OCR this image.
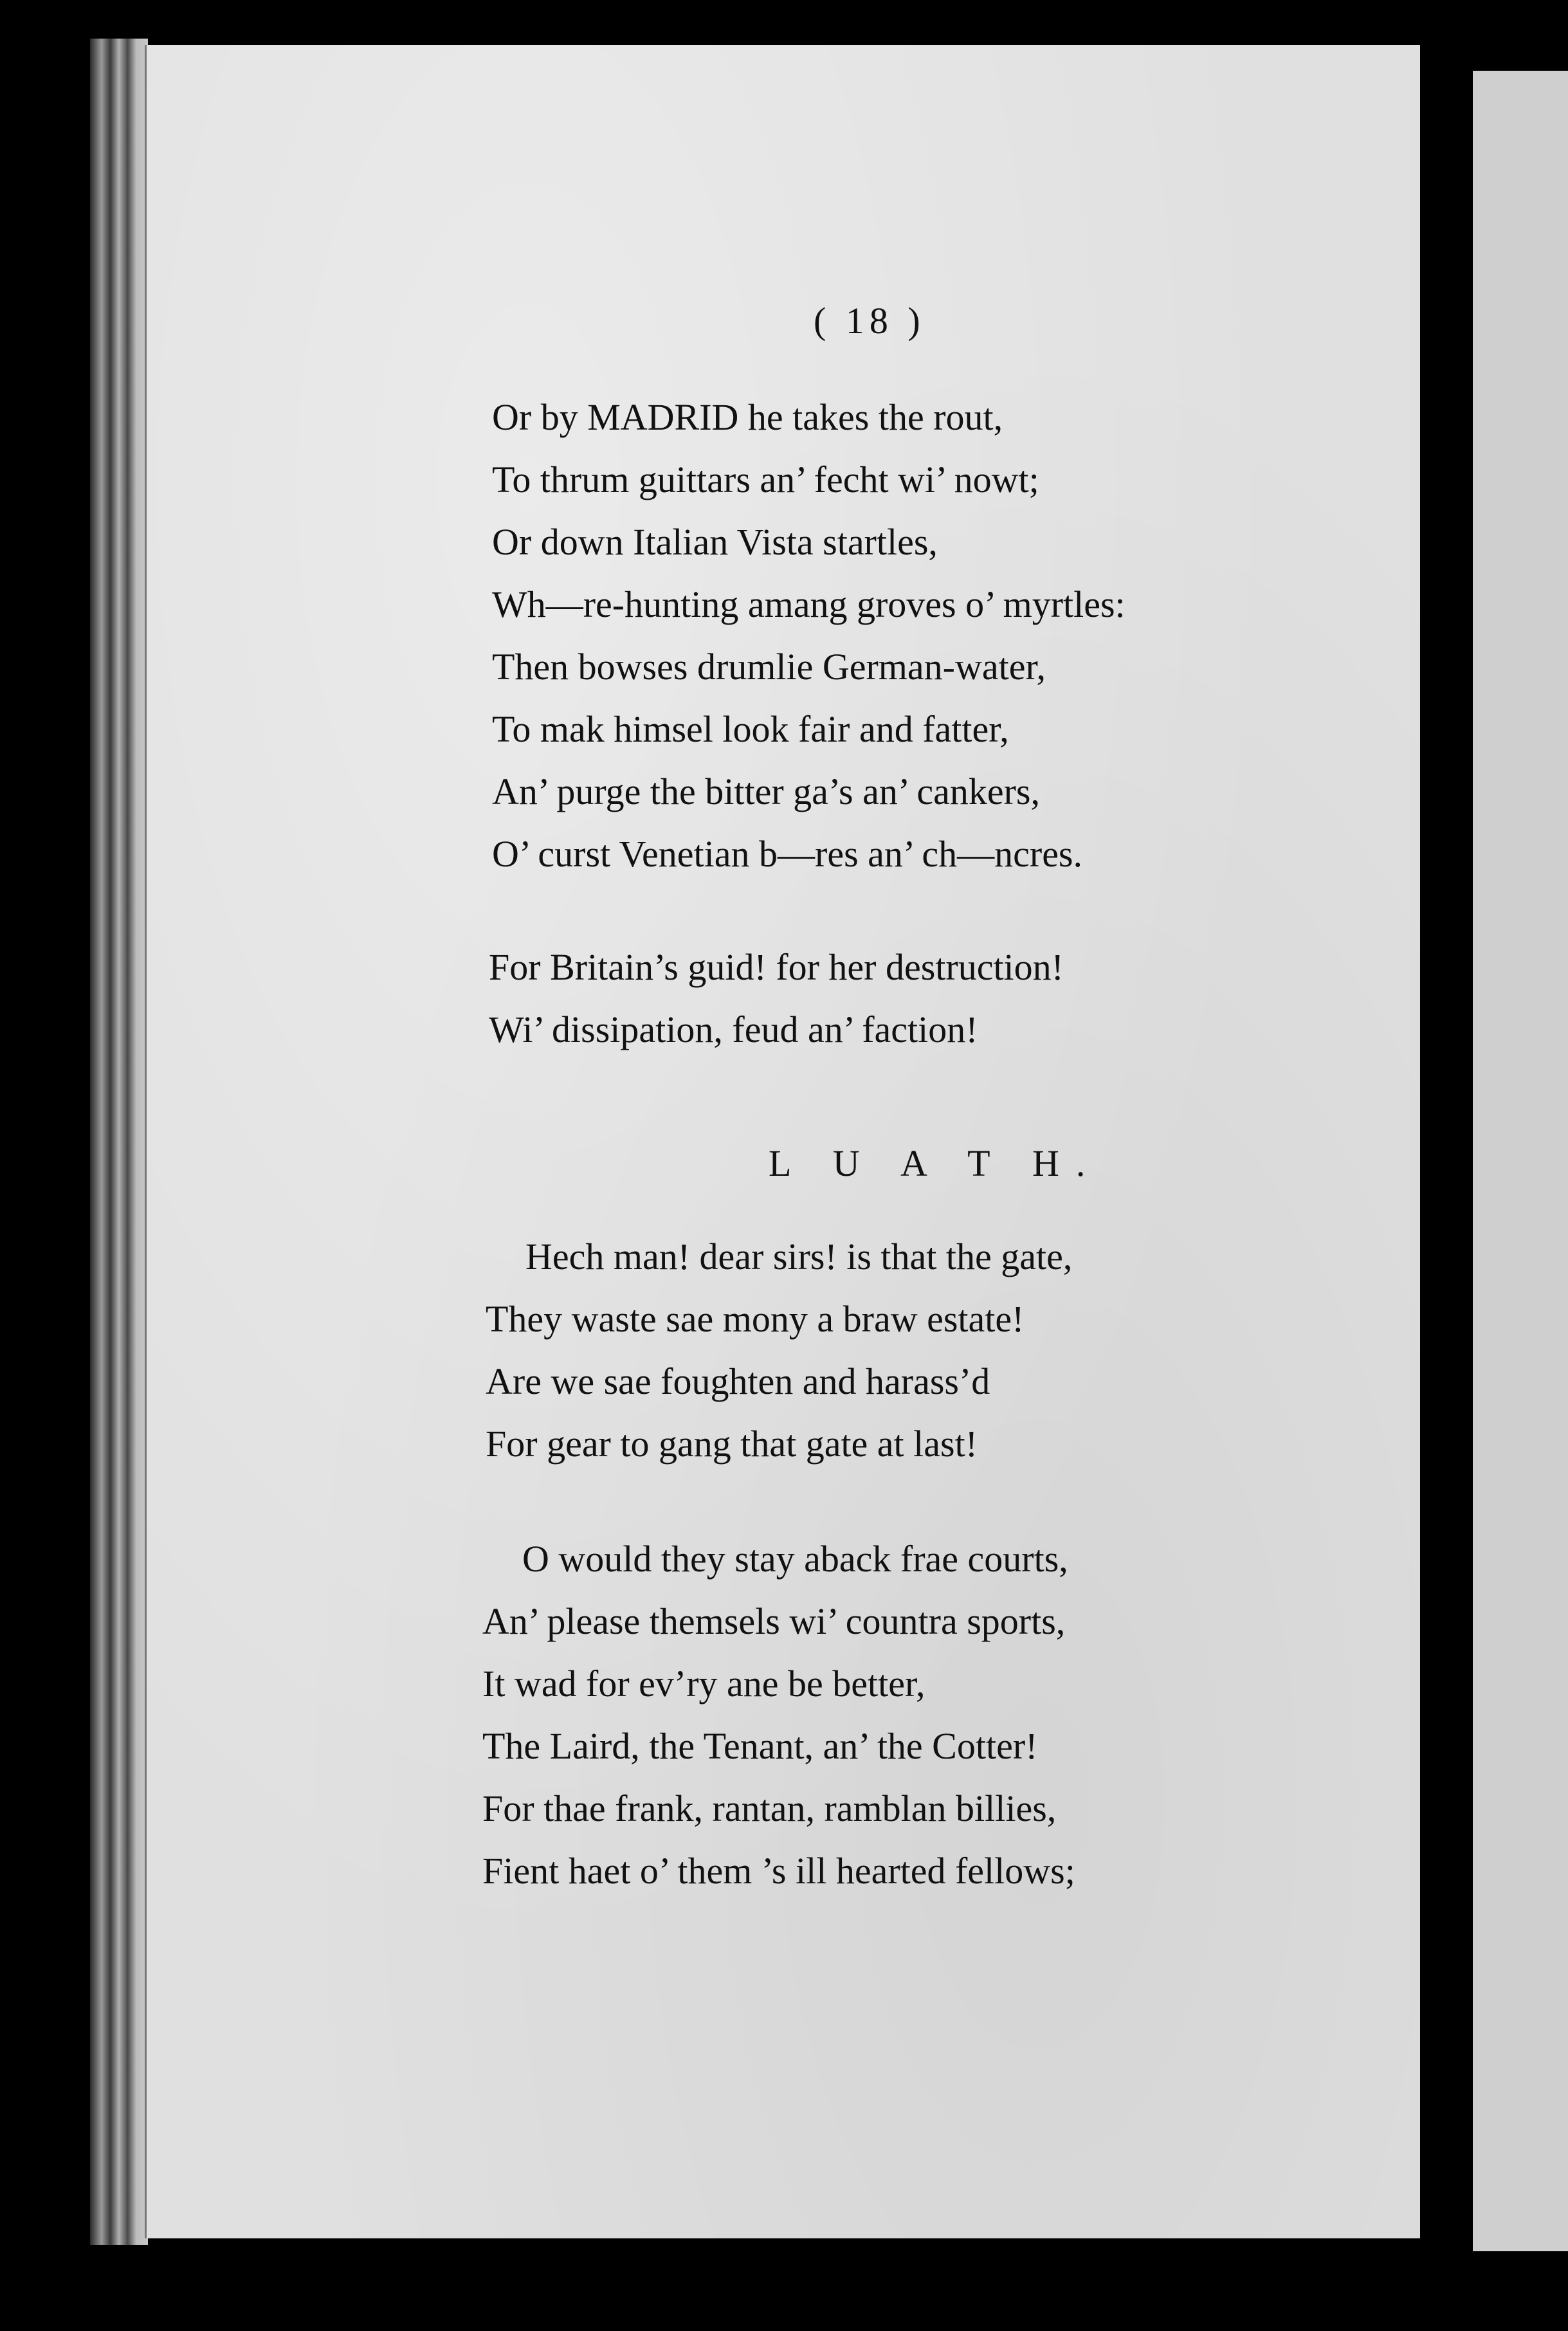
( 18 )
Or by MADRID he takes the rout,
To thrum guittars an’ fecht wi’ nowt;
Or down Italian Vista startles,
Wh—re-hunting amang groves o’ myrtles:
Then bowses drumlie German-water,
To mak himsel look fair and fatter,
An’ purge the bitter ga’s an’ cankers,
O’ curst Venetian b—res an’ ch—ncres.
For Britain’s guid! for her destruction!
Wi’ dissipation, feud an’ faction!
L U A T H.
Hech man! dear sirs! is that the gate,
They waste sae mony a braw estate!
Are we sae foughten and harass’d
For gear to gang that gate at last!
O would they stay aback frae courts,
An’ please themsels wi’ countra sports,
It wad for ev’ry ane be better,
The Laird, the Tenant, an’ the Cotter!
For thae frank, rantan, ramblan billies,
Fient haet o’ them ’s ill hearted fellows;
